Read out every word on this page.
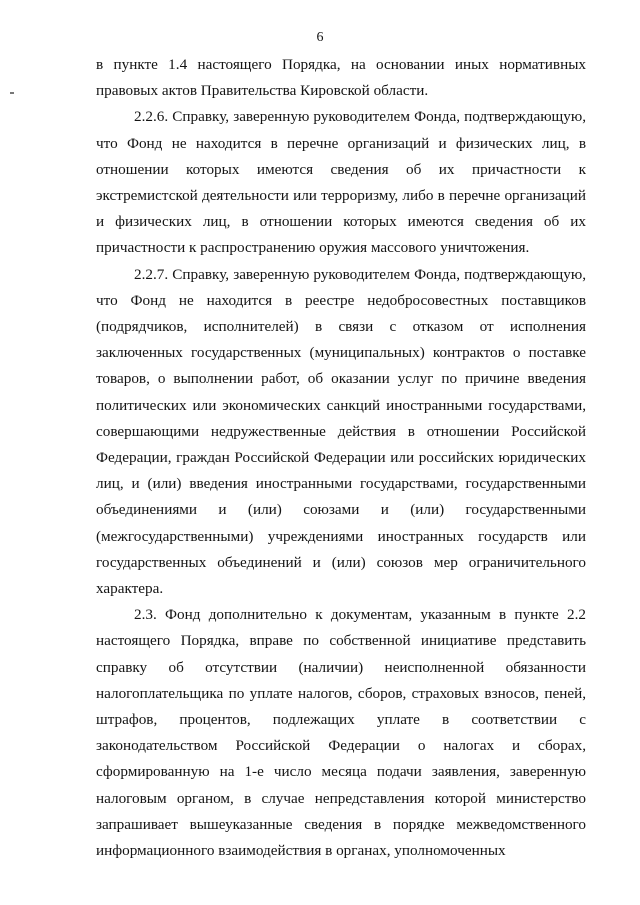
6

в пункте 1.4 настоящего Порядка, на основании иных нормативных правовых актов Правительства Кировской области.

2.2.6. Справку, заверенную руководителем Фонда, подтверждающую, что Фонд не находится в перечне организаций и физических лиц, в отношении которых имеются сведения об их причастности к экстремистской деятельности или терроризму, либо в перечне организаций и физических лиц, в отношении которых имеются сведения об их причастности к распространению оружия массового уничтожения.

2.2.7. Справку, заверенную руководителем Фонда, подтверждающую, что Фонд не находится в реестре недобросовестных поставщиков (подрядчиков, исполнителей) в связи с отказом от исполнения заключенных государственных (муниципальных) контрактов о поставке товаров, о выполнении работ, об оказании услуг по причине введения политических или экономических санкций иностранными государствами, совершающими недружественные действия в отношении Российской Федерации, граждан Российской Федерации или российских юридических лиц, и (или) введения иностранными государствами, государственными объединениями и (или) союзами и (или) государственными (межгосударственными) учреждениями иностранных государств или государственных объединений и (или) союзов мер ограничительного характера.

2.3. Фонд дополнительно к документам, указанным в пункте 2.2 настоящего Порядка, вправе по собственной инициативе представить справку об отсутствии (наличии) неисполненной обязанности налогоплательщика по уплате налогов, сборов, страховых взносов, пеней, штрафов, процентов, подлежащих уплате в соответствии с законодательством Российской Федерации о налогах и сборах, сформированную на 1-е число месяца подачи заявления, заверенную налоговым органом, в случае непредставления которой министерство запрашивает вышеуказанные сведения в порядке межведомственного информационного взаимодействия в органах, уполномоченных
